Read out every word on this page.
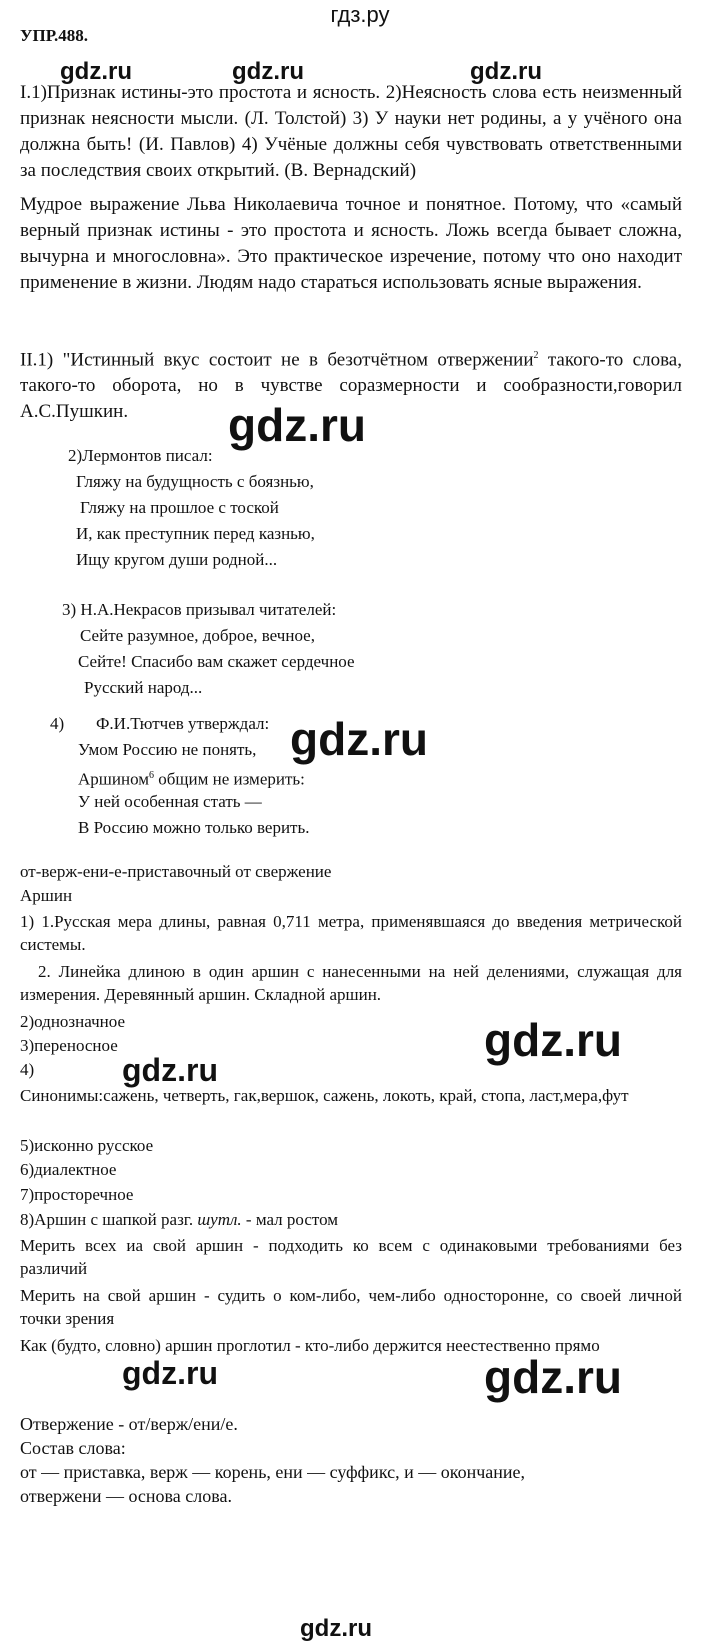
гдз.ру
УПР.488.
gdz.ru	gdz.ru	gdz.ru

I.1)Признак истины-это простота и ясность. 2)Неясность слова есть неизменный признак неясности мысли. (Л. Толстой) 3) У науки нет родины, а у учёного она должна быть! (И. Павлов) 4) Учёные должны себя чувствовать ответственными за последствия своих открытий. (В. Вернадский)

Мудрое выражение Льва Николаевича точное и понятное. Потому, что «самый верный признак истины - это простота и ясность. Ложь всегда бывает сложна, вычурна и многословна». Это практическое изречение, потому что оно находит применение в жизни. Людям надо стараться использовать ясные выражения.

II.1) "Истинный вкус состоит не в безотчётном отвержении$^2$ такого-то слова, такого-то оборота, но в чувстве соразмерности и сообразности,говорил А.С.Пушкин.	gdz.ru
2)Лермонтов писал:
Гляжу на будущность с боязнью,
Гляжу на прошлое с тоской
И, как преступник перед казнью,
Ищу кругом души родной...
3) Н.А.Некрасов призывал читателей:
Сейте разумное, доброе, вечное,
Сейте! Спасибо вам скажет сердечное
Русский народ...
4) Ф.И.Тютчев утверждал:
Умом Россию не понять,
Аршином$^6$ общим не измерить:
У ней особенная стать —
В Россию можно только верить.
gdz.ru
от-верж-ени-е-приставочный от свержение
Аршин

1) 1.Русская мера длины, равная 0,711 метра, применявшаяся до введения метрической системы.

2. Линейка длиною в один аршин с нанесенными на ней делениями, служащая для измерения. Деревянный аршин. Складной аршин.

2)однозначное
3)переносное	gdz.ru
gdz.ru
4)

Синонимы:сажень, четверть, гак,вершок, сажень, локоть, край, стопа, ласт,мера,фут

5)исконно русское
6)диалектное
7)просторечное
8)Аршин с шапкой разг. шутл. - мал ростом

Мерить всех иа свой аршин - подходить ко всем с одинаковыми требованиями без различий

Мерить на свой аршин - судить о ком-либо, чем-либо односторонне, со своей личной точки зрения

Как (будто, словно) аршин проглотил - кто-либо держится неестественно прямо

gdz.ru	gdz.ru
Отвержение - от/верж/ени/е.
Состав слова:
от — приставка, верж — корень, ени — суффикс, и — окончание,
отвержени — основа слова.
gdz.ru
